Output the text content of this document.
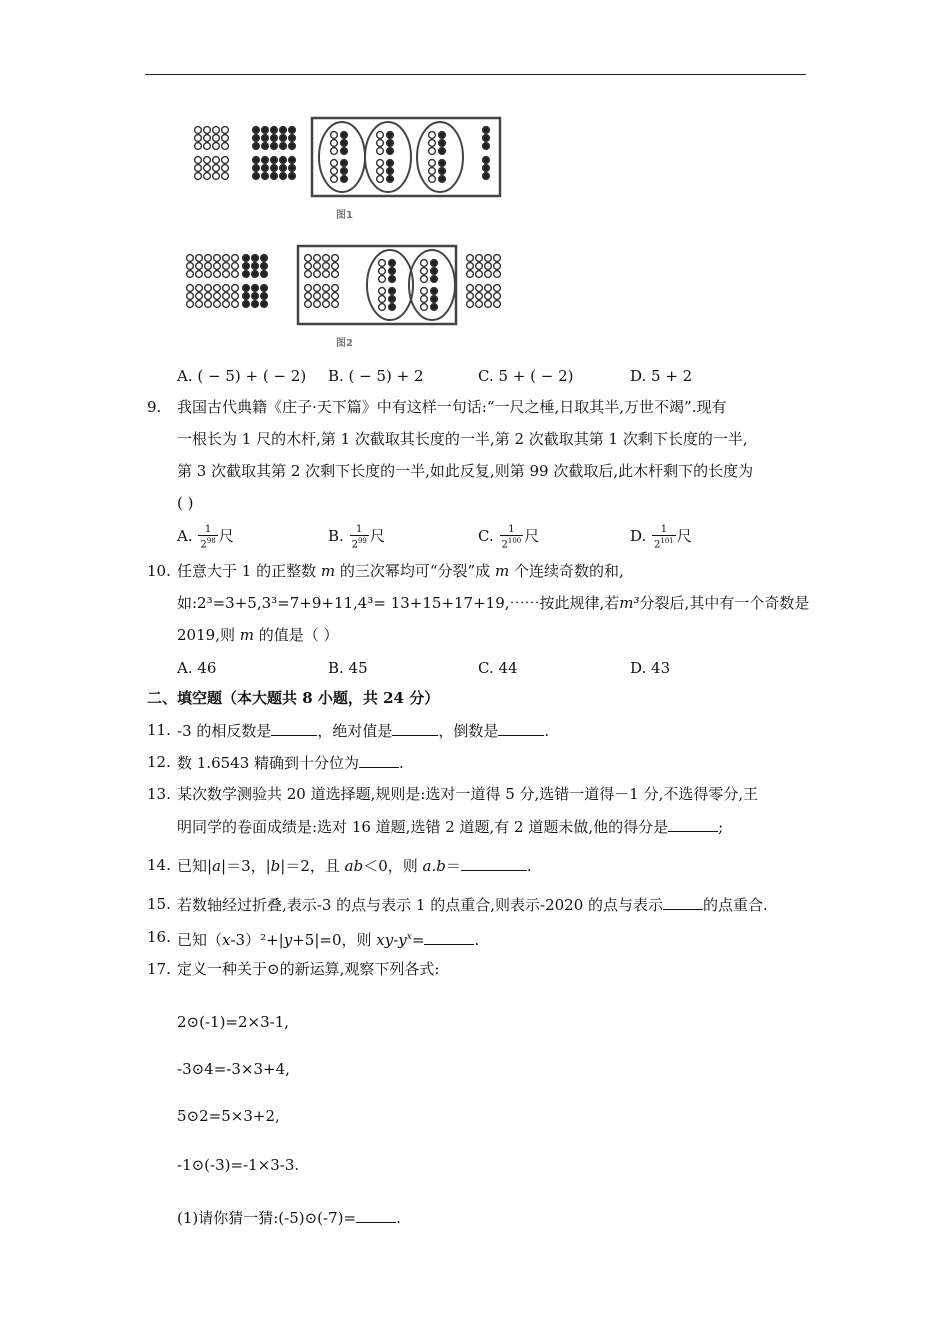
图1
图2
A. ( − 5) + ( − 2) B. ( − 5) + 2	C. 5 + ( − 2)	D. 5 + 2
9. 我国古代典籍《庄子·天下篇》中有这样一句话:“一尺之棰,日取其半,万世不竭”.现有
一根长为 1 尺的木杆,第 1 次截取其长度的一半,第 2 次截取其第 1 次剩下长度的一半,
第 3 次截取其第 2 次剩下长度的一半,如此反复,则第 99 次截取后,此木杆剩下的长度为
( )
A. $\frac{1}{2^{98}}$ 尺	B. $\frac{1}{2^{99}}$ 尺	C. $\frac{1}{2^{100}}$ 尺	D. $\frac{1}{2^{101}}$ 尺
10. 任意大于 1 的正整数 m 的三次幂均可“分裂”成 m 个连续奇数的和,
如:2³=3+5,3³=7+9+11,4³= 13+15+17+19,⋯⋯按此规律,若m³分裂后,其中有一个奇数是
2019,则 m 的值是（ ）
A. 46	B. 45	C. 44	D. 43
二、填空题（本大题共 8 小题，共 24 分）
11. -3 的相反数是	，绝对值是	，倒数是	.
12. 数 1.6543 精确到十分位为	.
13. 某次数学测验共 20 道选择题,规则是:选对一道得 5 分,选错一道得－1 分,不选得零分,王
明同学的卷面成绩是:选对 16 道题,选错 2 道题,有 2 道题未做,他的得分是	;
14. 已知|a|＝3，|b|＝2，且 ab＜0，则 a.b＝	.
15. 若数轴经过折叠,表示-3 的点与表示 1 的点重合,则表示-2020 的点与表示	的点重合.
16. 已知（x-3）²+|y+5|=0，则 $xy-y^x=$	.
17. 定义一种关于⊙的新运算,观察下列各式:
2⊙(-1)=2×3-1,
-3⊙4=-3×3+4,
5⊙2=5×3+2,
-1⊙(-3)=-1×3-3.
(1)请你猜一猜:(-5)⊙(-7)=	.
